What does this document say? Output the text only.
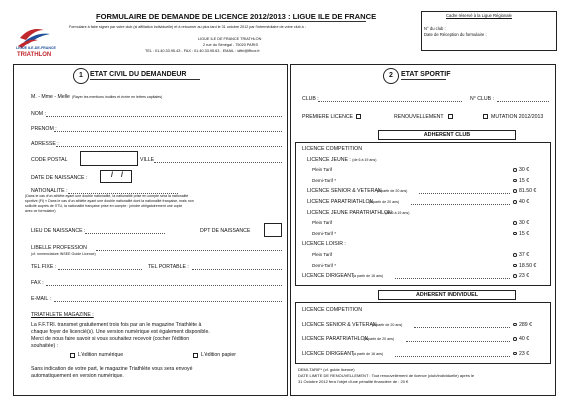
LIGUE ILE-DE-FRANCE
TRIATHLON
FORMULAIRE DE DEMANDE DE LICENCE 2012/2013 : LIGUE ILE DE FRANCE
Formulaire à faire signer par votre club (si affiliation individuelle) et à retourner au plus tard le 31 octobre 2012 par l'intermédiaire de votre club à :
LIGUE ILE DE FRANCE TRIATHLON
2 rue du Sénégal - 75020 PARIS
TEL : 01.40.33.95.43 - FAX : 01.40.33.95.63 - EMAIL : idftri@ffbox.fr
Cadre réservé à la Ligue Régionale
N° du club :
Date de Réception du formulaire :
1	ETAT CIVIL DU DEMANDEUR
M. - Mme - Melle (Rayer les mentions inutiles et écrire en lettres capitales)
NOM :
PRENOM :
ADRESSE :
CODE POSTAL	VILLE
DATE DE NAISSANCE :	/ /
NATIONALITE :
(Dans le cas d'un athlète ayant une double nationalité, la nationalité prise en compte sera la nationalité
sportive (FI) « Dans le cas d'un athlète ayant une double nationalité dont la nationalité française, mais non
sollicité auprès de l'ITU, la nationalité française prise en compte : joindre obligatoirement une copie
avec ce formulaire)
LIEU DE NAISSANCE :	DPT DE NAISSANCE
LIBELLE PROFESSION
(cf. nomenclature INSEE Guide Licence)
TEL FIXE :	TEL PORTABLE :
FAX :
E-MAIL :
TRIATHLETE MAGAZINE :
La F.F.TRI. transmet gratuitement trois fois par an le magazine Triathlète à
chaque foyer de licencié(s). Une version numérique est également disponible.
Merci de nous faire savoir si vous souhaitez recevoir (cocher l'édition
souhaitée) :
L'édition numérique	L'édition papier
Sans indication de votre part, le magazine Triathlète vous sera envoyé
automatiquement en version numérique.
2	ETAT SPORTIF
CLUB :	N° CLUB :
PREMIERE LICENCE	RENOUVELLEMENT	MUTATION 2012/2013
ADHERENT CLUB
LICENCE COMPETITION
LICENCE JEUNE : (de 6 à 19 ans)
Plein Tarif	30 €
Demi-Tarif *	15 €
LICENCE SENIOR & VETERAN
(à partir de 20 ans)	81.50 €
LICENCE PARATRIATHLON
(à partir de 20 ans)	40 €
LICENCE JEUNE PARATRIATHLON
(de 6 à 19 ans)
Plein Tarif	30 €
Demi-Tarif *	15 €
LICENCE LOISIR :
Plein Tarif	37 €
Demi-Tarif *	18.50 €
LICENCE DIRIGEANT
(à partir de 16 ans)	23 €
ADHERENT INDIVIDUEL
LICENCE COMPETITION
LICENCE SENIOR & VETERAN
(à partir de 20 ans)	289 €
LICENCE PARATRIATHLON
(à partir de 20 ans)	40 €
LICENCE DIRIGEANT
(à partir de 16 ans)	23 €
DEMI-TARIF* (cf. guide licence)
DATE LIMITE DE RENOUVELLEMENT : Tout renouvellement de licence (club/individuelle) après le
31 Octobre 2012 fera l'objet d'une pénalité financière de : 20 €
